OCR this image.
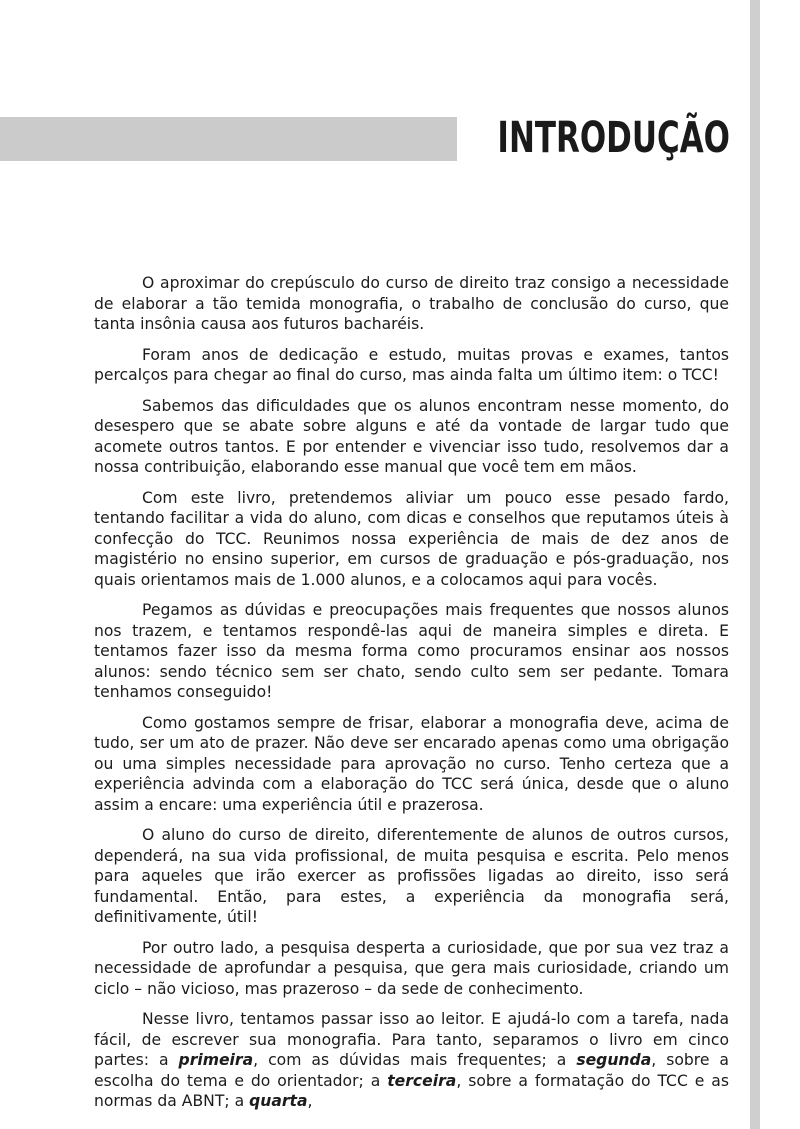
INTRODUÇÃO

O aproximar do crepúsculo do curso de direito traz consigo a necessidade de elaborar a tão temida monografia, o trabalho de conclusão do curso, que tanta insônia causa aos futuros bacharéis.

Foram anos de dedicação e estudo, muitas provas e exames, tantos percalços para chegar ao final do curso, mas ainda falta um último item: o TCC!

Sabemos das dificuldades que os alunos encontram nesse momento, do desespero que se abate sobre alguns e até da vontade de largar tudo que acomete outros tantos. E por entender e vivenciar isso tudo, resolvemos dar a nossa contribuição, elaborando esse manual que você tem em mãos.

Com este livro, pretendemos aliviar um pouco esse pesado fardo, tentando facilitar a vida do aluno, com dicas e conselhos que reputamos úteis à confecção do TCC. Reunimos nossa experiência de mais de dez anos de magistério no ensino superior, em cursos de graduação e pós-graduação, nos quais orientamos mais de 1.000 alunos, e a colocamos aqui para vocês.

Pegamos as dúvidas e preocupações mais frequentes que nossos alunos nos trazem, e tentamos respondê-las aqui de maneira simples e direta. E tentamos fazer isso da mesma forma como procuramos ensinar aos nossos alunos: sendo técnico sem ser chato, sendo culto sem ser pedante. Tomara tenhamos conseguido!

Como gostamos sempre de frisar, elaborar a monografia deve, acima de tudo, ser um ato de prazer. Não deve ser encarado apenas como uma obrigação ou uma simples necessidade para aprovação no curso. Tenho certeza que a experiência advinda com a elaboração do TCC será única, desde que o aluno assim a encare: uma experiência útil e prazerosa.

O aluno do curso de direito, diferentemente de alunos de outros cursos, dependerá, na sua vida profissional, de muita pesquisa e escrita. Pelo menos para aqueles que irão exercer as profissões ligadas ao direito, isso será fundamental. Então, para estes, a experiência da monografia será, definitivamente, útil!

Por outro lado, a pesquisa desperta a curiosidade, que por sua vez traz a necessidade de aprofundar a pesquisa, que gera mais curiosidade, criando um ciclo – não vicioso, mas prazeroso – da sede de conhecimento.

Nesse livro, tentamos passar isso ao leitor. E ajudá-lo com a tarefa, nada fácil, de escrever sua monografia. Para tanto, separamos o livro em cinco partes: a primeira, com as dúvidas mais frequentes; a segunda, sobre a escolha do tema e do orientador; a terceira, sobre a formatação do TCC e as normas da ABNT; a quarta,
